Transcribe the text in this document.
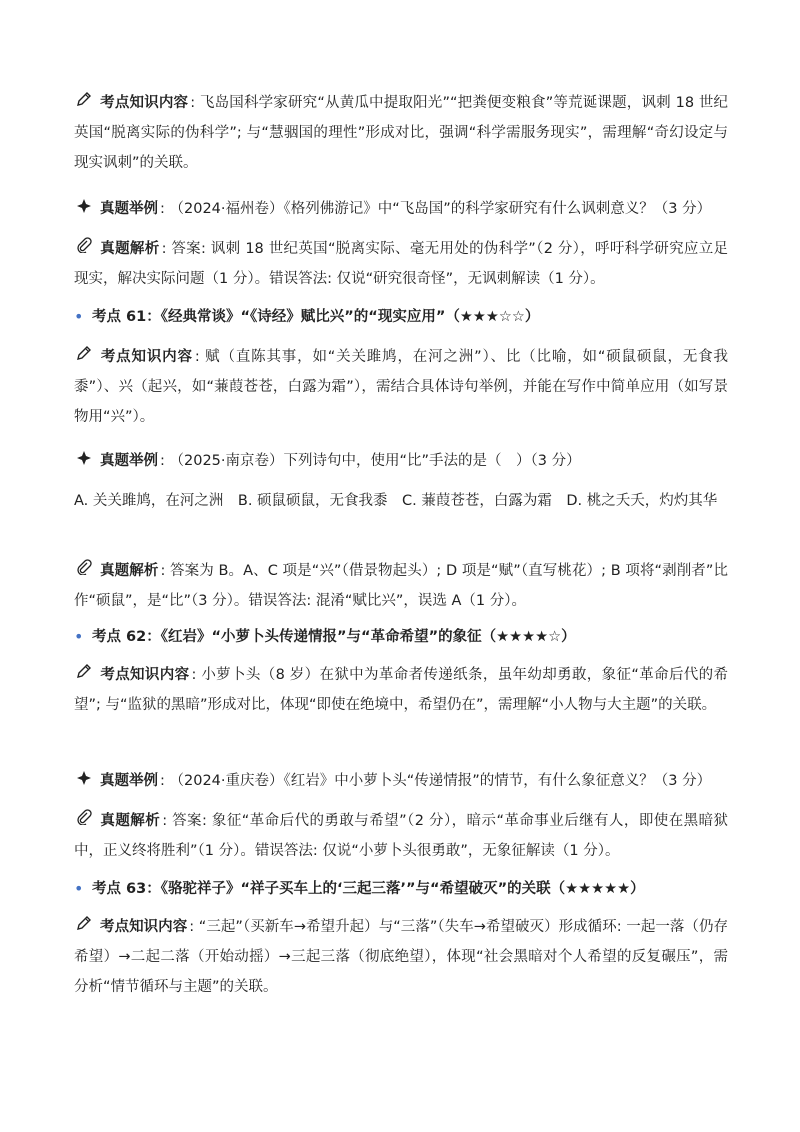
考点知识内容 : 飞岛国科学家研究“从黄瓜中提取阳光”“把粪便变粮食”等荒诞课题，讽刺 18 世纪英国“脱离实际的伪科学”; 与“慧骃国的理性”形成对比，强调“科学需服务现实”，需理解“奇幻设定与现实讽刺”的关联。

真题举例 : （2024·福州卷）《格列佛游记》中“飞岛国”的科学家研究有什么讽刺意义？（3 分）

真题解析 : 答案: 讽刺 18 世纪英国“脱离实际、毫无用处的伪科学”（2 分），呼吁科学研究应立足现实，解决实际问题（1 分）。错误答法: 仅说“研究很奇怪”，无讽刺解读（1 分）。

• 考点 61：《经典常谈》“《诗经》赋比兴”的“现实应用”（★★★☆☆）

考点知识内容 : 赋（直陈其事，如“关关雎鸠，在河之洲”）、比（比喻，如“硕鼠硕鼠，无食我黍”）、兴（起兴，如“蒹葭苍苍，白露为霜”），需结合具体诗句举例，并能在写作中简单应用（如写景物用“兴”）。

真题举例 : （2025·南京卷）下列诗句中，使用“比”手法的是（　）（3 分）

A. 关关雎鸠，在河之洲　B. 硕鼠硕鼠，无食我黍　C. 蒹葭苍苍，白露为霜　D. 桃之夭夭，灼灼其华

真题解析 : 答案为 B。A、C 项是“兴”（借景物起头）; D 项是“赋”（直写桃花）; B 项将“剥削者”比作“硕鼠”，是“比”（3 分）。错误答法: 混淆“赋比兴”，误选 A（1 分）。

• 考点 62：《红岩》“小萝卜头传递情报”与“革命希望”的象征（★★★★☆）

考点知识内容 : 小萝卜头（8 岁）在狱中为革命者传递纸条，虽年幼却勇敢，象征“革命后代的希望”; 与“监狱的黑暗”形成对比，体现“即使在绝境中，希望仍在”，需理解“小人物与大主题”的关联。

真题举例 : （2024·重庆卷）《红岩》中小萝卜头“传递情报”的情节，有什么象征意义？（3 分）

真题解析 : 答案: 象征“革命后代的勇敢与希望”（2 分），暗示“革命事业后继有人，即使在黑暗狱中，正义终将胜利”（1 分）。错误答法: 仅说“小萝卜头很勇敢”，无象征解读（1 分）。

• 考点 63：《骆驼祥子》“祥子买车上的‘三起三落’”与“希望破灭”的关联（★★★★★）

考点知识内容 : “三起”（买新车→希望升起）与“三落”（失车→希望破灭）形成循环: 一起一落（仍存希望）→二起二落（开始动摇）→三起三落（彻底绝望），体现“社会黑暗对个人希望的反复碾压”，需分析“情节循环与主题”的关联。
